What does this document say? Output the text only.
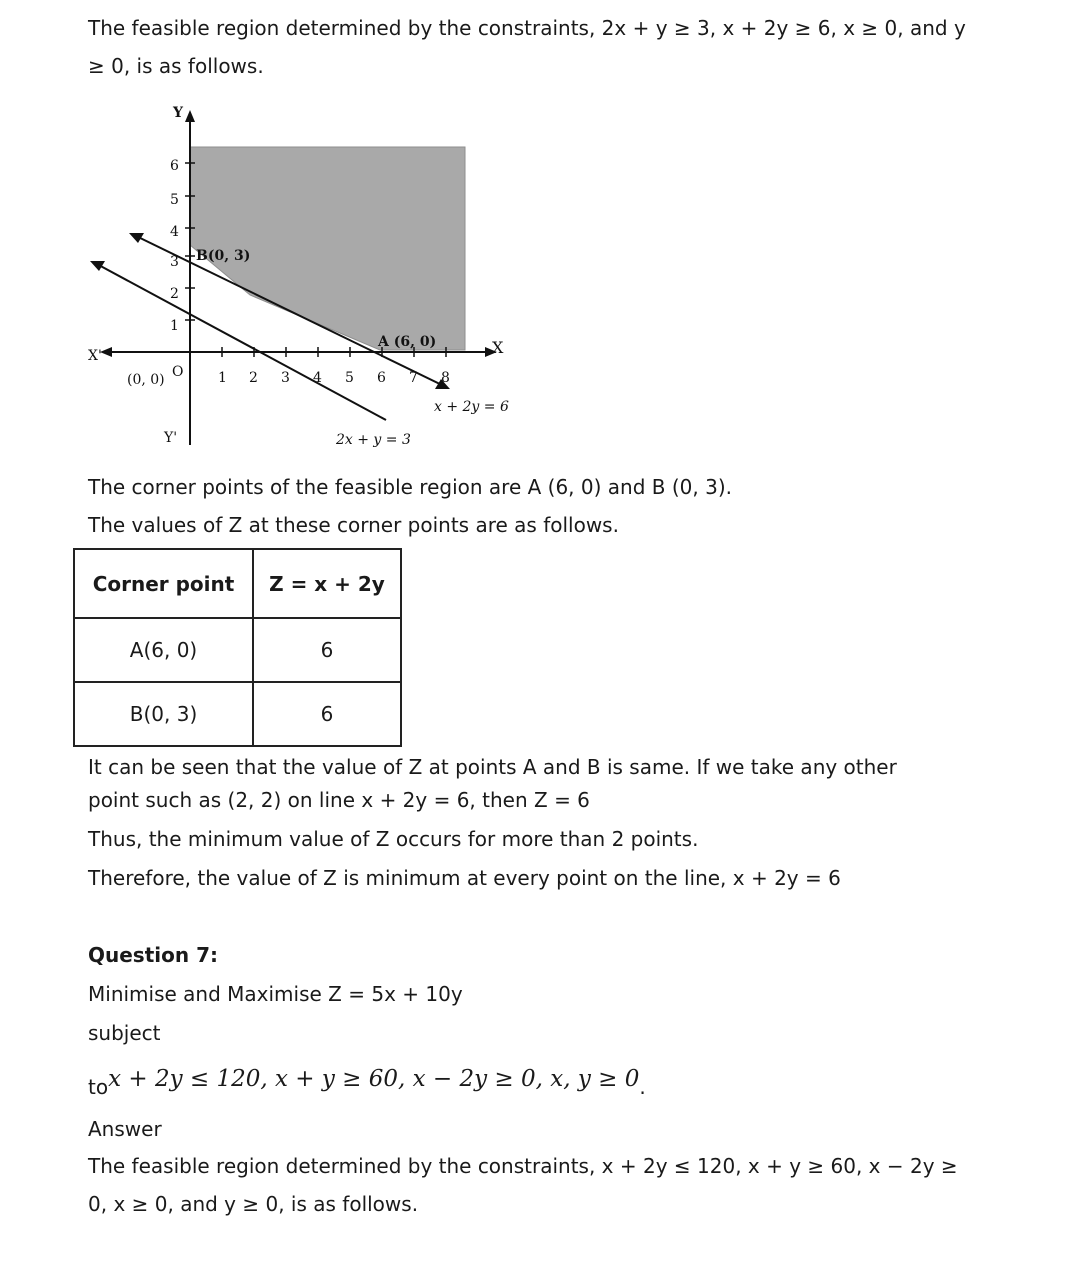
The feasible region determined by the constraints, 2x + y ≥ 3, x + 2y ≥ 6, x ≥ 0, and y

≥ 0, is as follows.

Y
Y'
X'	X
(0, 0) O 1 2 3 4 5 6 7 8
1
2
3
4
5
6
B(0, 3)
A (6, 0)
x + 2y = 6
2x + y = 3

The corner points of the feasible region are A (6, 0) and B (0, 3).

The values of Z at these corner points are as follows.

Corner point	Z = x + 2y
A(6, 0)	6
B(0, 3)	6

It can be seen that the value of Z at points A and B is same. If we take any other

point such as (2, 2) on line x + 2y = 6, then Z = 6

Thus, the minimum value of Z occurs for more than 2 points.

Therefore, the value of Z is minimum at every point on the line, x + 2y = 6

Question 7:

Minimise and Maximise Z = 5x + 10y

subject

tox + 2y ≤ 120, x + y ≥ 60, x − 2y ≥ 0, x, y ≥ 0.

Answer

The feasible region determined by the constraints, x + 2y ≤ 120, x + y ≥ 60, x − 2y ≥

0, x ≥ 0, and y ≥ 0, is as follows.
